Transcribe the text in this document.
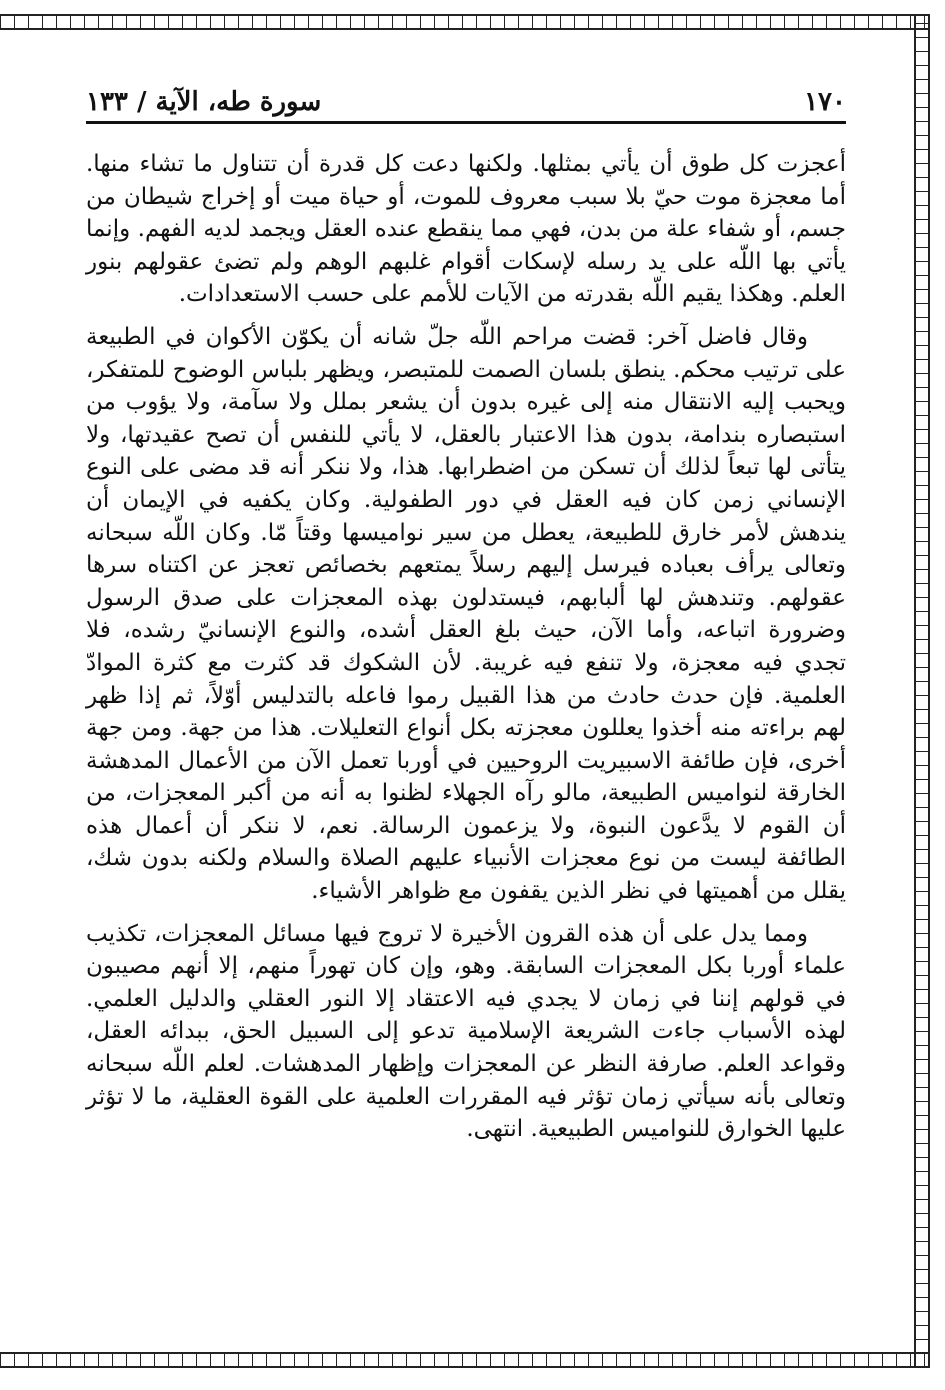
١٧٠
سورة طه، الآية / ١٣٣

أعجزت كل طوق أن يأتي بمثلها. ولكنها دعت كل قدرة أن تتناول ما تشاء منها. أما معجزة موت حيّ بلا سبب معروف للموت، أو حياة ميت أو إخراج شيطان من جسم، أو شفاء علة من بدن، فهي مما ينقطع عنده العقل ويجمد لديه الفهم. وإنما يأتي بها اللّه على يد رسله لإسكات أقوام غلبهم الوهم ولم تضئ عقولهم بنور العلم. وهكذا يقيم اللّه بقدرته من الآيات للأمم على حسب الاستعدادات.

وقال فاضل آخر: قضت مراحم اللّه جلّ شانه أن يكوّن الأكوان في الطبيعة على ترتيب محكم. ينطق بلسان الصمت للمتبصر، ويظهر بلباس الوضوح للمتفكر، ويحبب إليه الانتقال منه إلى غيره بدون أن يشعر بملل ولا سآمة، ولا يؤوب من استبصاره بندامة، بدون هذا الاعتبار بالعقل، لا يأتي للنفس أن تصح عقيدتها، ولا يتأتى لها تبعاً لذلك أن تسكن من اضطرابها. هذا، ولا ننكر أنه قد مضى على النوع الإنساني زمن كان فيه العقل في دور الطفولية. وكان يكفيه في الإيمان أن يندهش لأمر خارق للطبيعة، يعطل من سير نواميسها وقتاً مّا. وكان اللّه سبحانه وتعالى يرأف بعباده فيرسل إليهم رسلاً يمتعهم بخصائص تعجز عن اكتناه سرها عقولهم. وتندهش لها ألبابهم، فيستدلون بهذه المعجزات على صدق الرسول وضرورة اتباعه، وأما الآن، حيث بلغ العقل أشده، والنوع الإنسانيّ رشده، فلا تجدي فيه معجزة، ولا تنفع فيه غريبة. لأن الشكوك قد كثرت مع كثرة الموادّ العلمية. فإن حدث حادث من هذا القبيل رموا فاعله بالتدليس أوّلاً، ثم إذا ظهر لهم براءته منه أخذوا يعللون معجزته بكل أنواع التعليلات. هذا من جهة. ومن جهة أخرى، فإن طائفة الاسبيريت الروحيين في أوربا تعمل الآن من الأعمال المدهشة الخارقة لنواميس الطبيعة، مالو رآه الجهلاء لظنوا به أنه من أكبر المعجزات، من أن القوم لا يدَّعون النبوة، ولا يزعمون الرسالة. نعم، لا ننكر أن أعمال هذه الطائفة ليست من نوع معجزات الأنبياء عليهم الصلاة والسلام ولكنه بدون شك، يقلل من أهميتها في نظر الذين يقفون مع ظواهر الأشياء.

ومما يدل على أن هذه القرون الأخيرة لا تروج فيها مسائل المعجزات، تكذيب علماء أوربا بكل المعجزات السابقة. وهو، وإن كان تهوراً منهم، إلا أنهم مصيبون في قولهم إننا في زمان لا يجدي فيه الاعتقاد إلا النور العقلي والدليل العلمي. لهذه الأسباب جاءت الشريعة الإسلامية تدعو إلى السبيل الحق، ببدائه العقل، وقواعد العلم. صارفة النظر عن المعجزات وإظهار المدهشات. لعلم اللّه سبحانه وتعالى بأنه سيأتي زمان تؤثر فيه المقررات العلمية على القوة العقلية، ما لا تؤثر عليها الخوارق للنواميس الطبيعية. انتهى.
